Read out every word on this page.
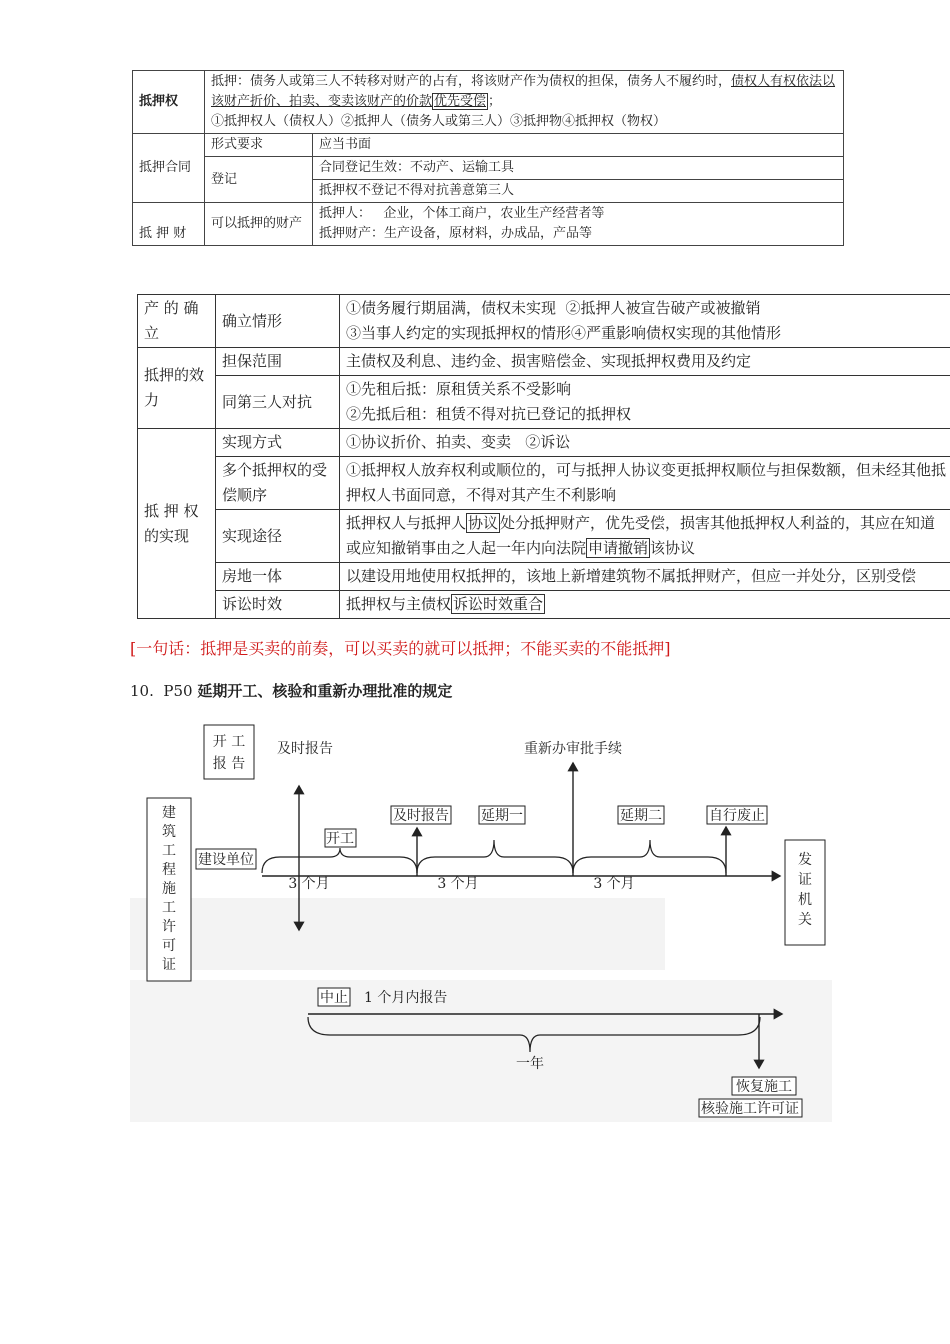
抵押权	抵押：债务人或第三人不转移对财产的占有，将该财产作为债权的担保，债务人不履约时，债权人有权依法以该财产折价、拍卖、变卖该财产的价款 优先受偿 ；
①抵押权人（债权人）②抵押人（债务人或第三人）③抵押物④抵押权（物权）	
抵押合同	形式要求	应当书面
	登记	合同登记生效：不动产、运输工具
		抵押权不登记不得对抗善意第三人
抵 押 财	可以抵押的财产	抵押人：   企业，个体工商户，农业生产经营者等
抵押财产：生产设备，原材料，办成品，产品等
产 的 确 立	确立情形	①债务履行期届满，债权未实现  ②抵押人被宣告破产或被撤销
③当事人约定的实现抵押权的情形④严重影响债权实现的其他情形
抵押的效力	担保范围	主债权及利息、违约金、损害赔偿金、实现抵押权费用及约定
	同第三人对抗	①先租后抵：原租赁关系不受影响
②先抵后租：租赁不得对抗已登记的抵押权
抵 押 权的实现	实现方式	①协议折价、拍卖、变卖   ②诉讼
	多个抵押权的受偿顺序	①抵押权人放弃权利或顺位的，可与抵押人协议变更抵押权顺位与担保数额，但未经其他抵押权人书面同意，不得对其产生不利影响
	实现途径	抵押权人与抵押人 协议 处分抵押财产，优先受偿，损害其他抵押权人利益的，其应在知道或应知撤销事由之人起一年内向法院 申请撤销 该协议
	房地一体	以建设用地使用权抵押的，该地上新增建筑物不属抵押财产，但应一并处分，区别受偿
	诉讼时效	抵押权与主债权 诉讼时效重合
[一句话：抵押是买卖的前奏，可以买卖的就可以抵押；不能买卖的不能抵押]
10.  P50 延期开工、核验和重新办理批准的规定
开 工
报 告
及时报告	重新办审批手续
建
筑
工
程
施
工
许
可
证
建设单位
开工
及时报告 延期一	延期二	自行废止
3 个月	3 个月	3 个月
发
证
机
关
中止 1 个月内报告
一年
恢复施工
核验施工许可证
